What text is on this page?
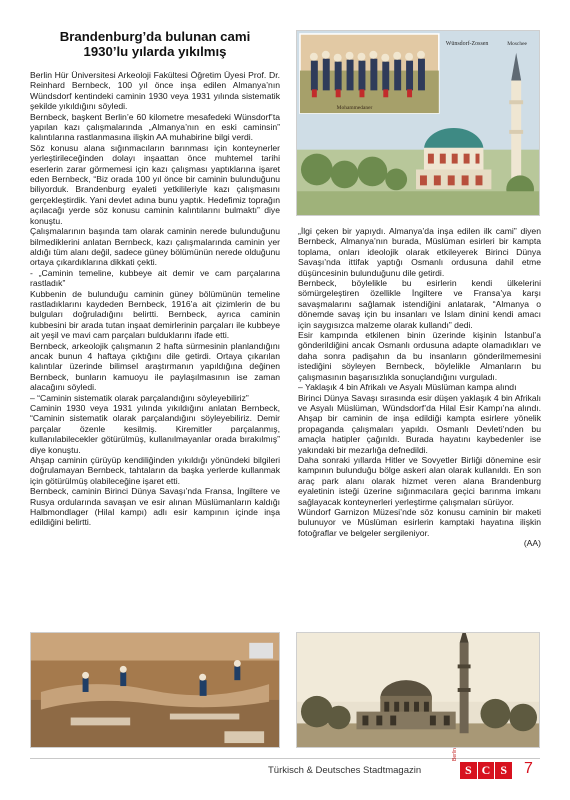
Brandenburg’da bulunan cami
1930’lu yılarda yıkılmış

Berlin Hür Üniversitesi Arkeoloji Fakültesi Öğretim Üyesi Prof. Dr. Reinhard Bernbeck, 100 yıl önce inşa edilen Almanya’nın Wündsdorf kentindeki caminin 1930 veya 1931 yılında sistematik şekilde yıkıldığını söyledi.

Bernbeck, başkent Berlin’e 60 kilometre mesafedeki Wünsdorf’ta yapılan kazı çalışmalarında „Almanya’nın en eski caminsin” kalıntılarına rastlanmasına ilişkin AA muhabirine bilgi verdi.

Söz konusu alana sığınmacıların barınması için konteynerler yerleştirileceğinden dolayı inşaattan önce muhtemel tarihi eserlerin zarar görmemesi için kazı çalışması yaptıklarına işaret eden Bernbeck, “Biz orada 100 yıl önce bir caminin bulunduğunu biliyorduk. Brandenburg eyaleti yetkilileriyle kazı çalışmasını gerçekleştirdik. Yani devlet adına bunu yaptık. Hedefimiz toprağın açılacağı yerde söz konusu caminin kalıntılarını bulmaktı” diye konuştu.

Çalışmalarının başında tam olarak caminin nerede bulunduğunu bilmediklerini anlatan Bernbeck, kazı çalışmalarında caminin yer aldığı tüm alanı değil, sadece güney bölümünün nerede olduğunu ortaya çıkardıklarına dikkati çekti.

- „Caminin temeline, kubbeye ait demir ve cam parçalarına rastladık”

Kubbenin de bulunduğu caminin güney bölümünün temeline rastladıklarını kaydeden Bernbeck, 1916’a ait çizimlerin de bu bulguları doğruladığını belirtti. Bernbeck, ayrıca caminin kubbesini bir arada tutan inşaat demirlerinin parçaları ile kubbeye ait yeşil ve mavi cam parçaları bulduklarını ifade etti.

Bernbeck, arkeolojik çalışmanın 2 hafta sürmesinin planlandığını ancak bunun 4 haftaya çıktığını dile getirdi. Ortaya çıkarılan kalıntılar üzerinde bilimsel araştırmanın yapıldığına değinen Bernbeck, bunların kamuoyu ile paylaşılmasının ise zaman alacağını söyledi.

– “Caminin sistematik olarak parçalandığını söyleyebiliriz”

Caminin 1930 veya 1931 yılında yıkıldığını anlatan Bernbeck, “Caminin sistematik olarak parçalandığını söyleyebiliriz. Demir parçalar özenle kesilmiş. Kiremitler parçalanmış, kullanılabilecekler götürülmüş, kullanılmayanlar orada bırakılmış” diye konuştu.

Ahşap caminin çürüyüp kendiliğinden yıkıldığı yönündeki bilgileri doğrulamayan Bernbeck, tahtaların da başka yerlerde kullanmak için götürülmüş olabileceğine işaret etti.

Bernbeck, caminin Birinci Dünya Savaşı’nda Fransa, İngiltere ve Rusya ordularında savaşan ve esir alınan Müslümanların kaldığı Halbmondlager (Hilal kampı) adlı esir kampının içinde inşa edildiğini belirtti.

„İlgi çeken bir yapıydı. Almanya’da inşa edilen ilk cami” diyen Bernbeck, Almanya’nın burada, Müslüman esirleri bir kampta toplama, onları ideolojik olarak etkileyerek Birinci Dünya Savaşı’nda ittifak yaptığı Osmanlı ordusuna dahil etme düşüncesinin bulunduğunu dile getirdi.

Bernbeck, böylelikle bu esirlerin kendi ülkelerini sömürgeleştiren özellikle İngiltere ve Fransa’ya karşı savaşmalarını sağlamak istendiğini anlatarak, “Almanya o dönemde savaş için bu insanları ve İslam dinini kendi amacı için saygısızca malzeme olarak kullandı” dedi.

Esir kampında etkilenen binin üzerinde kişinin İstanbul’a gönderildiğini ancak Osmanlı ordusuna adapte olamadıkları ve daha sonra padişahın da bu insanların gönderilmemesini istediğini söyleyen Bernbeck, böylelikle Almanların bu çalışmasının başarısızlıkla sonuçlandığını vurguladı.

– Yaklaşık 4 bin Afrikalı ve Asyalı Müslüman kampa alındı

Birinci Dünya Savaşı sırasında esir düşen yaklaşık 4 bin Afrikalı ve Asyalı Müslüman, Wündsdorf’da Hilal Esir Kampı’na alındı. Ahşap bir caminin de inşa edildiği kampta esirlere yönelik propaganda çalışmaları yapıldı. Osmanlı Devleti’nden bu amaçla hatipler çağırıldı. Burada hayatını kaybedenler ise yakındaki bir mezarlığa defnedildi.

Daha sonraki yıllarda Hitler ve Sovyetler Birliği dönemine esir kampının bulunduğu bölge askeri alan olarak kullanıldı. En son araç park alanı olarak hizmet veren alana Brandenburg eyaletinin isteği üzerine sığınmacılara geçici barınma imkanı sağlayacak konteynerleri yerleştirme çalışmaları sürüyor.

Wündorf Garnizon Müzesi’nde söz konusu caminin bir maketi bulunuyor ve Müslüman esirlerin kamptaki hayatına ilişkin fotoğraflar ve belgeler sergileniyor.

(AA)

Mohammedaner
Wünsdorf-Zossen	Moschee
Türkisch & Deutsches Stadtmagazin
Berlin
S C S	7
